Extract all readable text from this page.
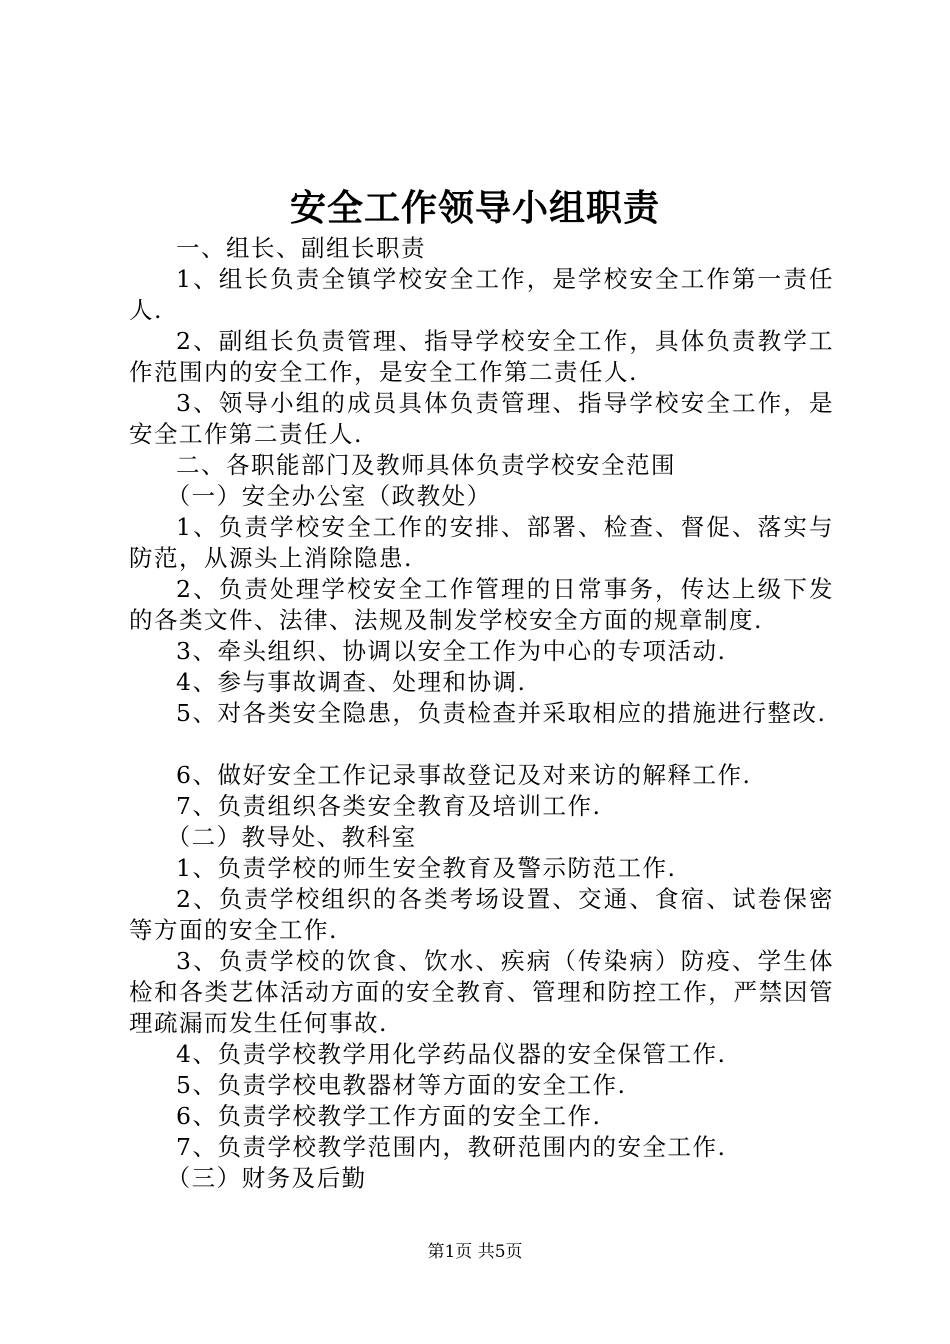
安全工作领导小组职责

一、组长、副组长职责

1、组长负责全镇学校安全工作，是学校安全工作第一责任人.

2、副组长负责管理、指导学校安全工作，具体负责教学工作范围内的安全工作，是安全工作第二责任人.

3、领导小组的成员具体负责管理、指导学校安全工作，是安全工作第二责任人.

二、各职能部门及教师具体负责学校安全范围

（一）安全办公室（政教处）

1、负责学校安全工作的安排、部署、检查、督促、落实与防范，从源头上消除隐患.

2、负责处理学校安全工作管理的日常事务，传达上级下发的各类文件、法律、法规及制发学校安全方面的规章制度.

3、牵头组织、协调以安全工作为中心的专项活动.

4、参与事故调查、处理和协调.

5、对各类安全隐患，负责检查并采取相应的措施进行整改.

6、做好安全工作记录事故登记及对来访的解释工作.

7、负责组织各类安全教育及培训工作.

（二）教导处、教科室

1、负责学校的师生安全教育及警示防范工作.

2、负责学校组织的各类考场设置、交通、食宿、试卷保密等方面的安全工作.

3、负责学校的饮食、饮水、疾病（传染病）防疫、学生体检和各类艺体活动方面的安全教育、管理和防控工作，严禁因管理疏漏而发生任何事故.

4、负责学校教学用化学药品仪器的安全保管工作.

5、负责学校电教器材等方面的安全工作.

6、负责学校教学工作方面的安全工作.

7、负责学校教学范围内，教研范围内的安全工作.

（三）财务及后勤

第1页 共5页
